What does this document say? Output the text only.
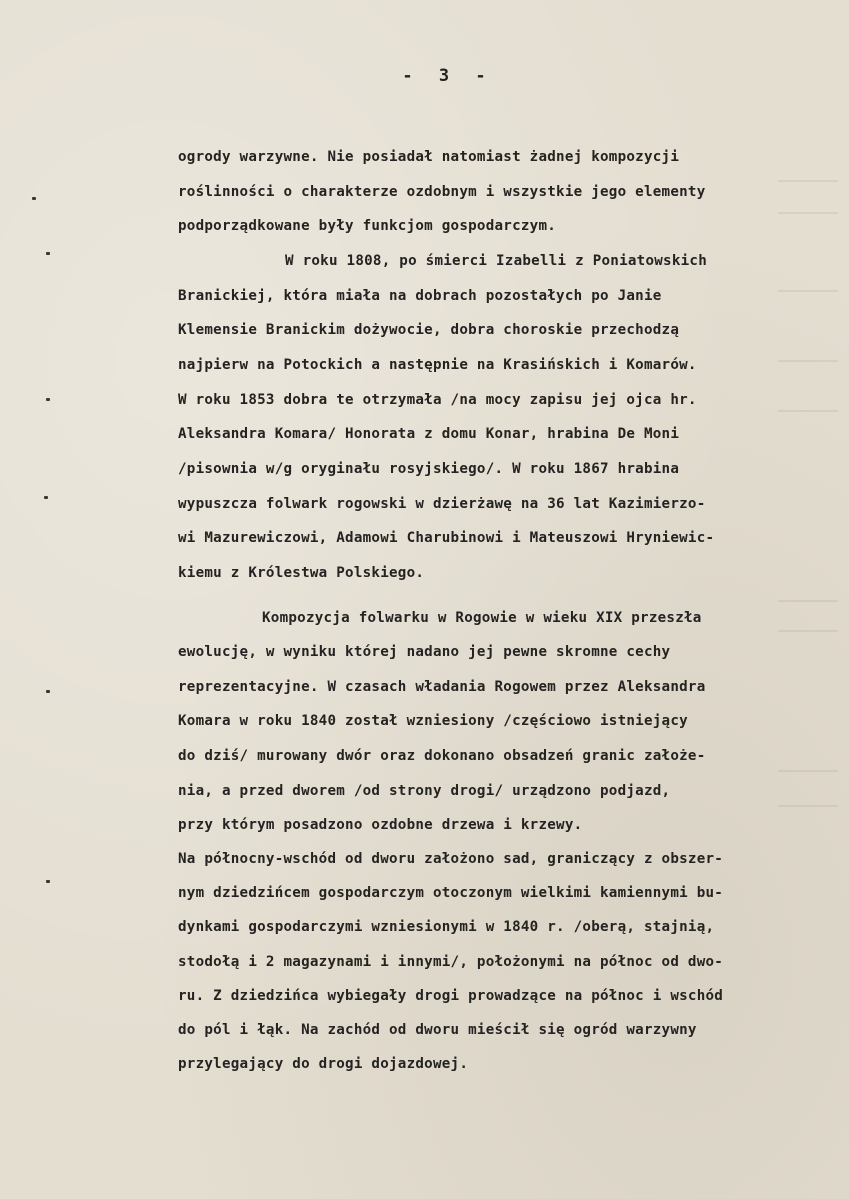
- 3 -
ogrody warzywne. Nie posiadał natomiast żadnej kompozycji
roślinności o charakterze ozdobnym i wszystkie jego elementy
podporządkowane były funkcjom gospodarczym.
W roku 1808, po śmierci Izabelli z Poniatowskich
Branickiej, która miała na dobrach pozostałych po Janie
Klemensie Branickim dożywocie, dobra choroskie przechodzą
najpierw na Potockich a następnie na Krasińskich i Komarów.
W roku 1853 dobra te otrzymała /na mocy zapisu jej ojca hr.
Aleksandra Komara/ Honorata z domu Konar, hrabina De Moni
/pisownia w/g oryginału rosyjskiego/. W roku 1867 hrabina
wypuszcza folwark rogowski w dzierżawę na 36 lat Kazimierzo-
wi Mazurewiczowi, Adamowi Charubinowi i Mateuszowi Hryniewic-
kiemu z Królestwa Polskiego.
Kompozycja folwarku w Rogowie w wieku XIX przeszła
ewolucję, w wyniku której nadano jej pewne skromne cechy
reprezentacyjne. W czasach władania Rogowem przez Aleksandra
Komara w roku 1840 został wzniesiony /częściowo istniejący
do dziś/ murowany dwór oraz dokonano obsadzeń granic założe-
nia, a przed dworem /od strony drogi/ urządzono podjazd,
przy którym posadzono ozdobne drzewa i krzewy.
Na północny-wschód od dworu założono sad, graniczący z obszer-
nym dziedzińcem gospodarczym otoczonym wielkimi kamiennymi bu-
dynkami gospodarczymi wzniesionymi w 1840 r. /oberą, stajnią,
stodołą i 2 magazynami i innymi/, położonymi na północ od dwo-
ru. Z dziedzińca wybiegały drogi prowadzące na północ i wschód
do pól i łąk. Na zachód od dworu mieścił się ogród warzywny
przylegający do drogi dojazdowej.
